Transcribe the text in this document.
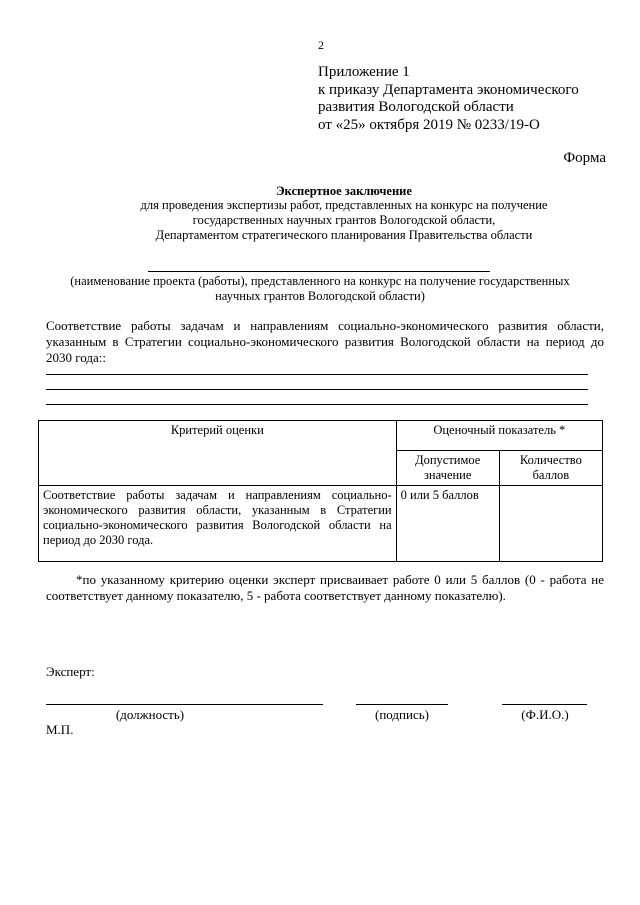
2
Приложение 1
к приказу Департамента экономического
развития Вологодской области
от «25» октября 2019 № 0233/19-О
Форма
Экспертное заключение
для проведения экспертизы работ, представленных на конкурс на получение
государственных научных грантов Вологодской области,
Департаментом стратегического планирования Правительства области
(наименование проекта (работы), представленного на конкурс на получение государственных
научных грантов Вологодской области)
Соответствие работы задачам и направлениям социально-экономического развития области, указанным в Стратегии социально-экономического развития Вологодской области на период до 2030 года::
Критерий оценки	Оценочный показатель *	
	Допустимое значение	Количество баллов
Соответствие работы задачам и направлениям социально-экономического развития области, указанным в Стратегии социально-экономического развития Вологодской области на период до 2030 года.	0 или 5 баллов	
*по указанному критерию оценки эксперт присваивает работе 0 или 5 баллов (0 - работа не соответствует данному показателю, 5 - работа соответствует данному показателю).
Эксперт:
(должность)	(подпись)	(Ф.И.О.)
М.П.
